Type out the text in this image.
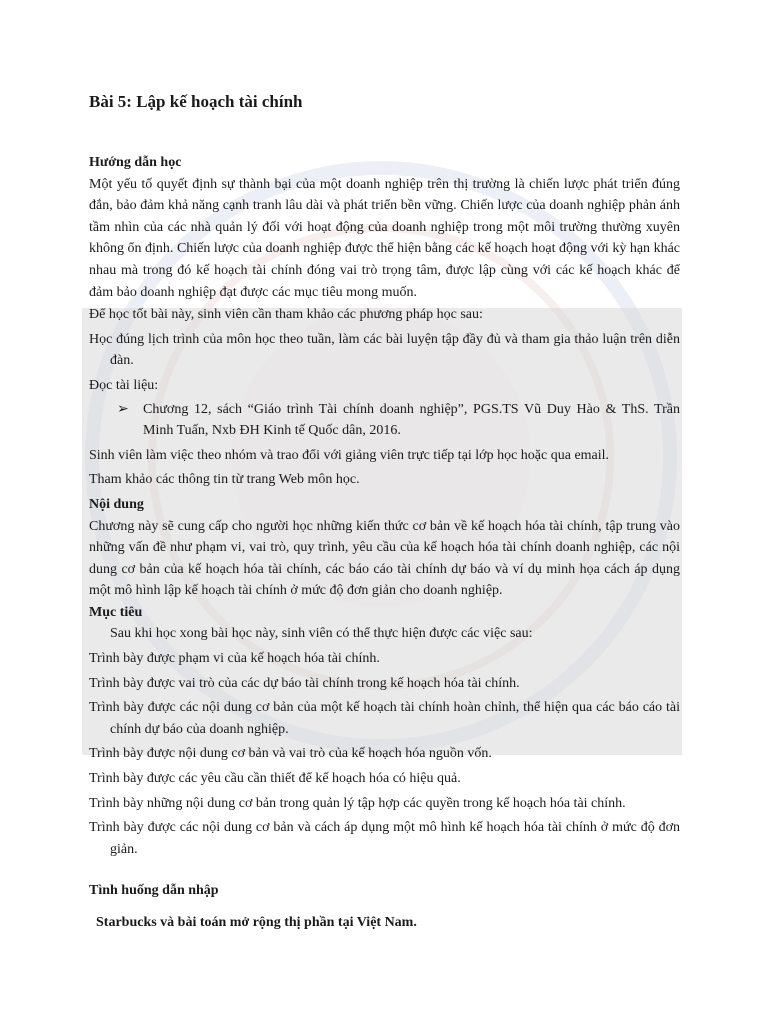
Bài 5: Lập kế hoạch tài chính

Hướng dẫn học

Một yếu tố quyết định sự thành bại của một doanh nghiệp trên thị trường là chiến lược phát triển đúng đắn, bảo đảm khả năng cạnh tranh lâu dài và phát triển bền vững. Chiến lược của doanh nghiệp phản ánh tầm nhìn của các nhà quản lý đối với hoạt động của doanh nghiệp trong một môi trường thường xuyên không ổn định. Chiến lược của doanh nghiệp được thể hiện bằng các kế hoạch hoạt động với kỳ hạn khác nhau mà trong đó kế hoạch tài chính đóng vai trò trọng tâm, được lập cùng với các kế hoạch khác để đảm bảo doanh nghiệp đạt được các mục tiêu mong muốn.

Để học tốt bài này, sinh viên cần tham khảo các phương pháp học sau:

Học đúng lịch trình của môn học theo tuần, làm các bài luyện tập đầy đủ và tham gia thảo luận trên diễn đàn.

Đọc tài liệu:

➢	Chương 12, sách “Giáo trình Tài chính doanh nghiệp”, PGS.TS Vũ Duy Hào & ThS. Trần Minh Tuấn, Nxb ĐH Kinh tế Quốc dân, 2016.

Sinh viên làm việc theo nhóm và trao đổi với giảng viên trực tiếp tại lớp học hoặc qua email.

Tham khảo các thông tin từ trang Web môn học.

Nội dung

Chương này sẽ cung cấp cho người học những kiến thức cơ bản về kế hoạch hóa tài chính, tập trung vào những vấn đề như phạm vi, vai trò, quy trình, yêu cầu của kế hoạch hóa tài chính doanh nghiệp, các nội dung cơ bản của kế hoạch hóa tài chính, các báo cáo tài chính dự báo và ví dụ minh họa cách áp dụng một mô hình lập kế hoạch tài chính ở mức độ đơn giản cho doanh nghiệp.

Mục tiêu

Sau khi học xong bài học này, sinh viên có thể thực hiện được các việc sau:

Trình bày được phạm vi của kế hoạch hóa tài chính.

Trình bày được vai trò của các dự báo tài chính trong kế hoạch hóa tài chính.

Trình bày được các nội dung cơ bản của một kế hoạch tài chính hoàn chỉnh, thể hiện qua các báo cáo tài chính dự báo của doanh nghiệp.

Trình bày được nội dung cơ bản và vai trò của kế hoạch hóa nguồn vốn.

Trình bày được các yêu cầu cần thiết để kế hoạch hóa có hiệu quả.

Trình bày những nội dung cơ bản trong quản lý tập hợp các quyền trong kế hoạch hóa tài chính.

Trình bày được các nội dung cơ bản và cách áp dụng một mô hình kế hoạch hóa tài chính ở mức độ đơn giản.

Tình huống dẫn nhập

Starbucks và bài toán mở rộng thị phần tại Việt Nam.
